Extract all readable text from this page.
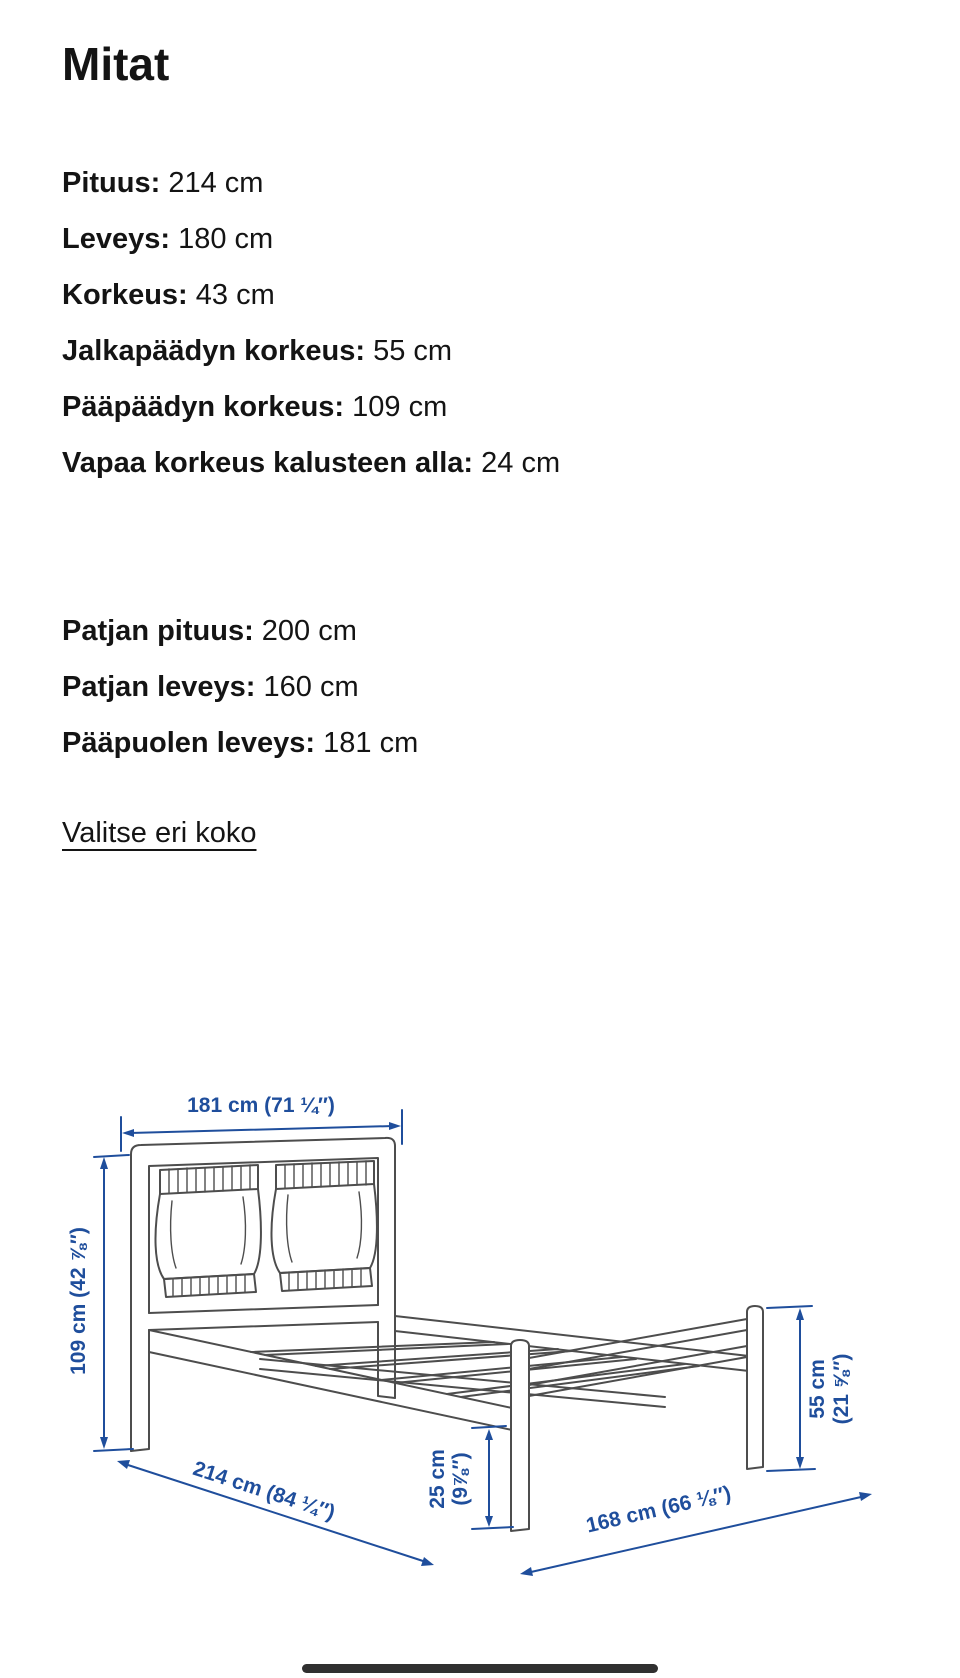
Mitat
Pituus: 214 cm
Leveys: 180 cm
Korkeus: 43 cm
Jalkapäädyn korkeus: 55 cm
Pääpäädyn korkeus: 109 cm
Vapaa korkeus kalusteen alla: 24 cm
Patjan pituus: 200 cm
Patjan leveys: 160 cm
Pääpuolen leveys: 181 cm
Valitse eri koko
181 cm (71 ¼″)
109 cm (42 ⅞″)
214 cm (84 ¼″)	25 cm (9⅞″)
55 cm (21 ⅝″)
168 cm (66 ⅛″)
